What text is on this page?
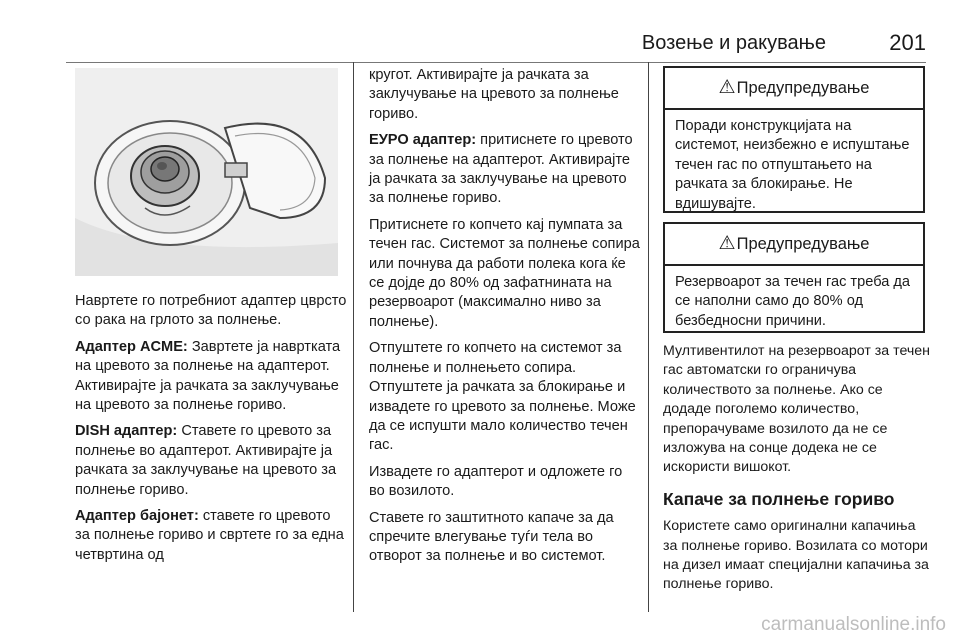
Возење и ракување	201

Навртете го потребниот адаптер цврсто со рака на грлото за полнење.

Адаптер ACME: Завртете ја навртката на цревото за полнење на адаптерот. Активирајте ја рачката за заклучување на цревото за полнење гориво.

DISH адаптер: Ставете го цревото за полнење во адаптерот. Активирајте ја рачката за заклучување на цревото за полнење гориво.

Адаптер бајонет: ставете го цревото за полнење гориво и свртете го за една четвртина од

кругот. Активирајте ја рачката за заклучување на цревото за полнење гориво.

ЕУРО адаптер: притиснете го цревото за полнење на адаптерот. Активирајте ја рачката за заклучување на цревото за полнење гориво.

Притиснете го копчето кај пумпата за течен гас. Системот за полнење сопира или почнува да работи полека кога ќе се дојде до 80% од зафатнината на резервоарот (максимално ниво за полнење).

Отпуштете го копчето на системот за полнење и полнењето сопира. Отпуштете ја рачката за блокирање и извадете го цревото за полнење. Може да се испушти мало количество течен гас.

Извадете го адаптерот и одложете го во возилото.

Ставете го заштитното капаче за да спречите влегување туѓи тела во отворот за полнење и во системот.

⚠Предупредување
Поради конструкцијата на системот, неизбежно е испуштање течен гас по отпуштањето на рачката за блокирање. Не вдишувајте.
⚠Предупредување
Резервоарот за течен гас треба да се наполни само до 80% од безбедносни причини.

Мултивентилот на резервоарот за течен гас автоматски го ограничува количеството за полнење. Ако се додаде поголемо количество, препорачуваме возилото да не се изложува на сонце додека не се искористи вишокот.

Капаче за полнење гориво

Користете само оригинални капачиња за полнење гориво. Возилата со мотори на дизел имаат специјални капачиња за полнење гориво.

carmanualsonline.info
